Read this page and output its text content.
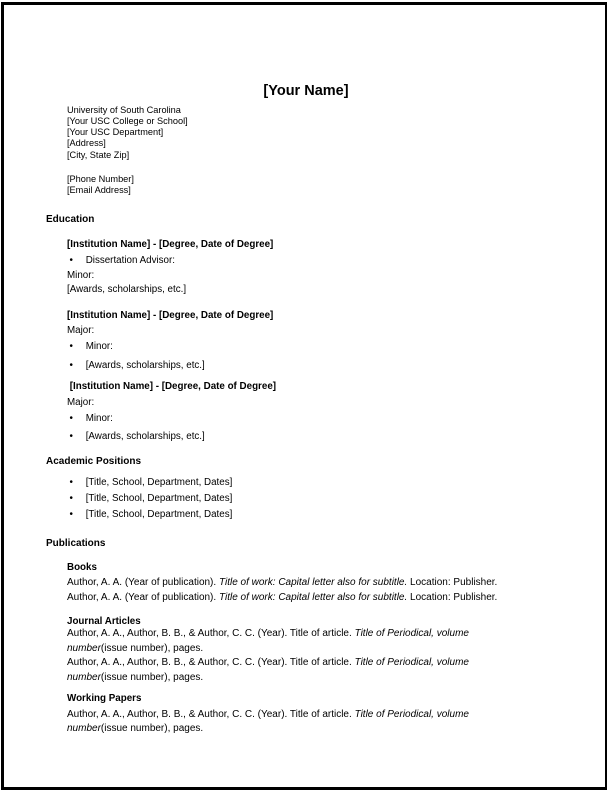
[Your Name]
University of South Carolina
[Your USC College or School]
[Your USC Department]
[Address]
[City, State Zip]
[Phone Number]
[Email Address]
Education
[Institution Name] - [Degree, Date of Degree]
• Dissertation Advisor:
Minor:
[Awards, scholarships, etc.]
[Institution Name] - [Degree, Date of Degree]
Major:
• Minor:
• [Awards, scholarships, etc.]
[Institution Name] - [Degree, Date of Degree]
Major:
• Minor:
• [Awards, scholarships, etc.]
Academic Positions
• [Title, School, Department, Dates]
• [Title, School, Department, Dates]
• [Title, School, Department, Dates]
Publications
Books

Author, A. A. (Year of publication). Title of work: Capital letter also for subtitle. Location: Publisher.

Author, A. A. (Year of publication). Title of work: Capital letter also for subtitle. Location: Publisher.

Journal Articles

Author, A. A., Author, B. B., & Author, C. C. (Year). Title of article. Title of Periodical, volume number(issue number), pages.

Author, A. A., Author, B. B., & Author, C. C. (Year). Title of article. Title of Periodical, volume number(issue number), pages.

Working Papers

Author, A. A., Author, B. B., & Author, C. C. (Year). Title of article. Title of Periodical, volume number(issue number), pages.
